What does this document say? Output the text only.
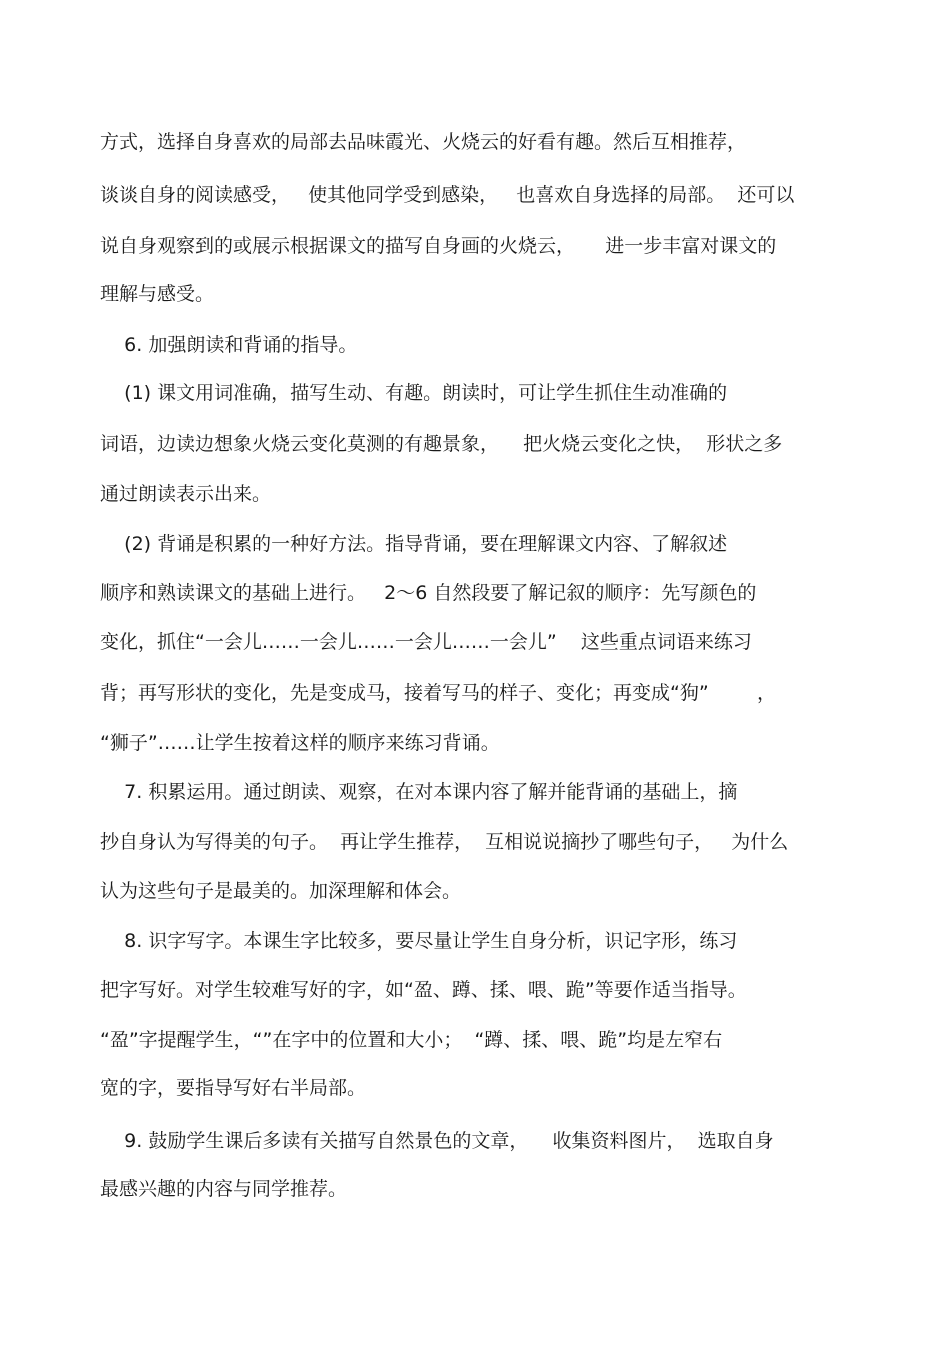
方式，选择自身喜欢的局部去品味霞光、火烧云的好看有趣。然后互相推荐，
谈谈自身的阅读感受，   使其他同学受到感染，   也喜欢自身选择的局部。  还可以
说自身观察到的或展示根据课文的描写自身画的火烧云，     进一步丰富对课文的
理解与感受。
6. 加强朗读和背诵的指导。
(1) 课文用词准确，描写生动、有趣。朗读时，可让学生抓住生动准确的
词语，边读边想象火烧云变化莫测的有趣景象，    把火烧云变化之快，  形状之多
通过朗读表示出来。
(2) 背诵是积累的一种好方法。指导背诵，要在理解课文内容、了解叙述
顺序和熟读课文的基础上进行。   2～6 自然段要了解记叙的顺序：先写颜色的
变化，抓住“一会儿……一会儿……一会儿……一会儿”    这些重点词语来练习
背；再写形状的变化，先是变成马，接着写马的样子、变化；再变成“狗”        ，
“狮子”……让学生按着这样的顺序来练习背诵。
7. 积累运用。通过朗读、观察，在对本课内容了解并能背诵的基础上，摘
抄自身认为写得美的句子。  再让学生推荐，  互相说说摘抄了哪些句子，   为什么
认为这些句子是最美的。加深理解和体会。
8. 识字写字。本课生字比较多，要尽量让学生自身分析，识记字形，练习
把字写好。对学生较难写好的字，如“盈、蹲、揉、喂、跪”等要作适当指导。
“盈”字提醒学生，“”在字中的位置和大小；  “蹲、揉、喂、跪”均是左窄右
宽的字，要指导写好右半局部。
9. 鼓励学生课后多读有关描写自然景色的文章，    收集资料图片，  选取自身
最感兴趣的内容与同学推荐。
